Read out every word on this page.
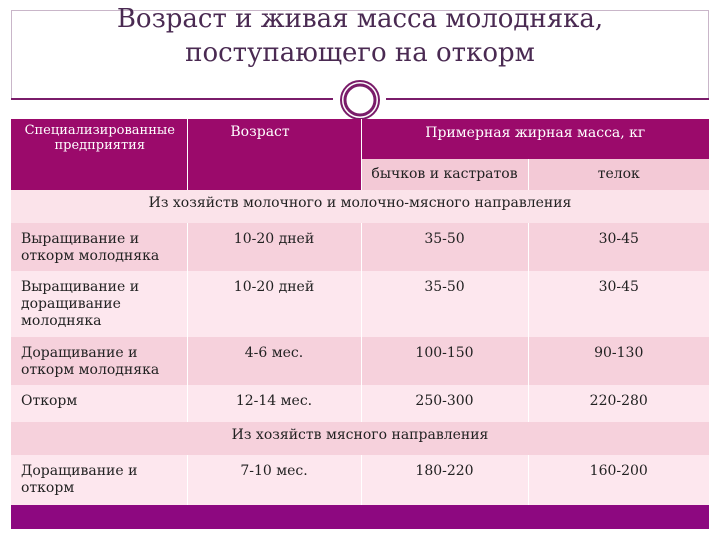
Возраст и живая масса молодняка,
поступающего на откорм
Специализированные предприятия	Возраст	Примерная жирная масса, кг	
		бычков и кастратов	телок
Из хозяйств молочного и молочно-мясного направления			
Выращивание и откорм молодняка	10-20 дней	35-50	30-45
Выращивание и доращивание молодняка	10-20 дней	35-50	30-45
Доращивание и откорм молодняка	4-6 мес.	100-150	90-130
Откорм	12-14 мес.	250-300	220-280
Из хозяйств мясного направления			
Доращивание и откорм	7-10 мес.	180-220	160-200
